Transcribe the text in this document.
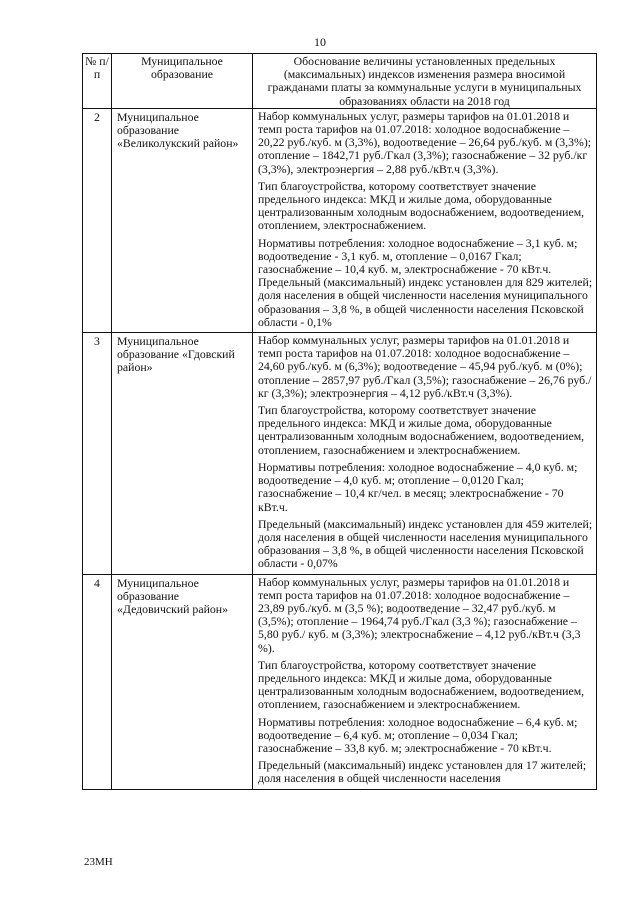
10
№ п/п	Муниципальное образование	Обоснование величины установленных предельных (максимальных) индексов изменения размера вносимой гражданами платы за коммунальные услуги в муниципальных образованиях области на 2018 год
2	Муниципальное образование «Великолукский район»	Набор коммунальных услуг, размеры тарифов на 01.01.2018 и темп роста тарифов на 01.07.2018: холодное водоснабжение – 20,22 руб./куб. м (3,3%), водоотведение – 26,64 руб./куб. м (3,3%); отопление – 1842,71 руб./Гкал (3,3%); газоснабжение – 32 руб./кг (3,3%), электроэнергия – 2,88 руб./кВт.ч (3,3%).

Тип благоустройства, которому соответствует значение предельного индекса: МКД и жилые дома, оборудованные централизованным холодным водоснабжением, водоотведением, отоплением, электроснабжением.

Нормативы потребления: холодное водоснабжение – 3,1 куб. м; водоотведение - 3,1 куб. м, отопление – 0,0167 Гкал; газоснабжение – 10,4 куб. м, электроснабжение - 70 кВт.ч. Предельный (максимальный) индекс установлен для 829 жителей; доля населения в общей численности населения муниципального образования – 3,8 %, в общей численности населения Псковской области - 0,1%

3	Муниципальное образование «Гдовский район»	Набор коммунальных услуг, размеры тарифов на 01.01.2018 и темп роста тарифов на 01.07.2018: холодное водоснабжение – 24,60 руб./куб. м (6,3%); водоотведение – 45,94 руб./куб. м (0%); отопление – 2857,97 руб./Гкал (3,5%); газоснабжение – 26,76 руб./кг (3,3%); электроэнергия – 4,12 руб./кВт.ч (3,3%).

Тип благоустройства, которому соответствует значение предельного индекса: МКД и жилые дома, оборудованные централизованным холодным водоснабжением, водоотведением, отоплением, газоснабжением и электроснабжением.

Нормативы потребления: холодное водоснабжение – 4,0 куб. м; водоотведение – 4,0 куб. м; отопление – 0,0120 Гкал; газоснабжение – 10,4 кг/чел. в месяц; электроснабжение - 70 кВт.ч.

Предельный (максимальный) индекс установлен для 459 жителей; доля населения в общей численности населения муниципального образования – 3,8 %, в общей численности населения Псковской области - 0,07%

4	Муниципальное образование «Дедовичский район»	Набор коммунальных услуг, размеры тарифов на 01.01.2018 и темп роста тарифов на 01.07.2018: холодное водоснабжение – 23,89 руб./куб. м (3,5 %); водоотведение – 32,47 руб./куб. м (3,5%); отопление – 1964,74 руб./Гкал (3,3 %); газоснабжение – 5,80 руб./ куб. м (3,3%); электроснабжение – 4,12 руб./кВт.ч (3,3 %).

Тип благоустройства, которому соответствует значение предельного индекса: МКД и жилые дома, оборудованные централизованным холодным водоснабжением, водоотведением, отоплением, газоснабжением и электроснабжением.

Нормативы потребления: холодное водоснабжение – 6,4 куб. м; водоотведение – 6,4 куб. м; отопление – 0,034 Гкал; газоснабжение – 33,8 куб. м; электроснабжение - 70 кВт.ч.

Предельный (максимальный) индекс установлен для 17 жителей; доля населения в общей численности населения

23МН
